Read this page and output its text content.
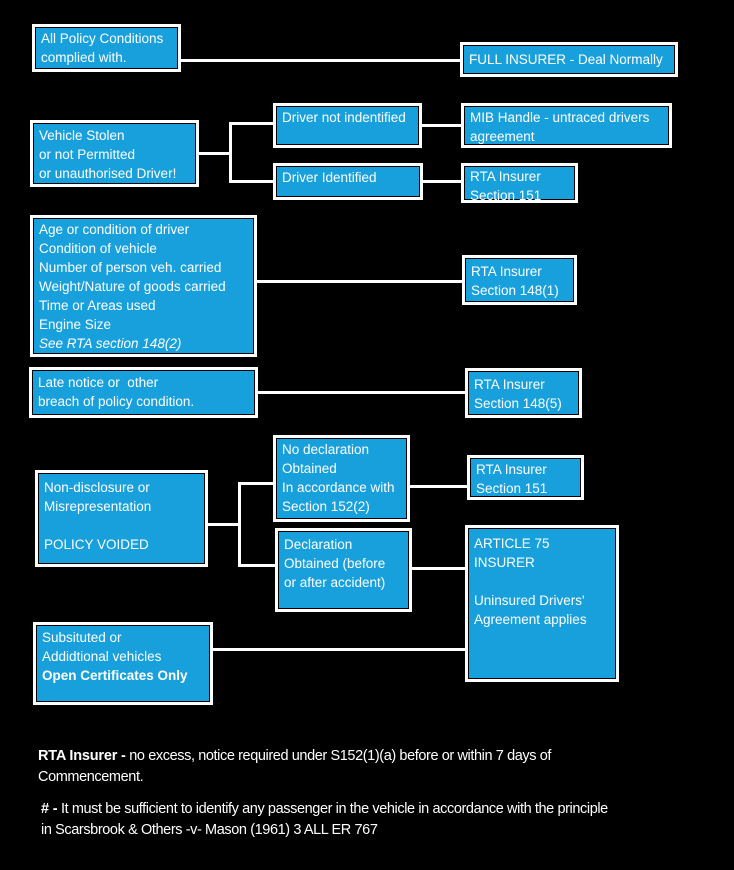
All Policy Conditions
complied with.	FULL INSURER - Deal Normally
Vehicle Stolen
or not Permitted
or unauthorised Driver!
Driver not indentified	MIB Handle - untraced drivers
agreement
Driver Identified	RTA Insurer
Section 151
Age or condition of driver
Condition of vehicle
Number of person veh. carried
Weight/Nature of goods carried
Time or Areas used
Engine Size
See RTA section 148(2)
RTA Insurer
Section 148(1)
Late notice or  other
breach of policy condition.
RTA Insurer
Section 148(5)
Non-disclosure or
Misrepresentation
POLICY VOIDED
No declaration
Obtained
In accordance with
Section 152(2)
RTA Insurer
Section 151
Declaration
Obtained (before
or after accident)
ARTICLE 75
INSURER
Uninsured Drivers'
Agreement applies
Subsituted or
Addidtional vehicles
Open Certificates Only
RTA Insurer - no excess, notice required under S152(1)(a) before or within 7 days of
Commencement.
# - It must be sufficient to identify any passenger in the vehicle in accordance with the principle
in Scarsbrook & Others -v- Mason (1961) 3 ALL ER 767
